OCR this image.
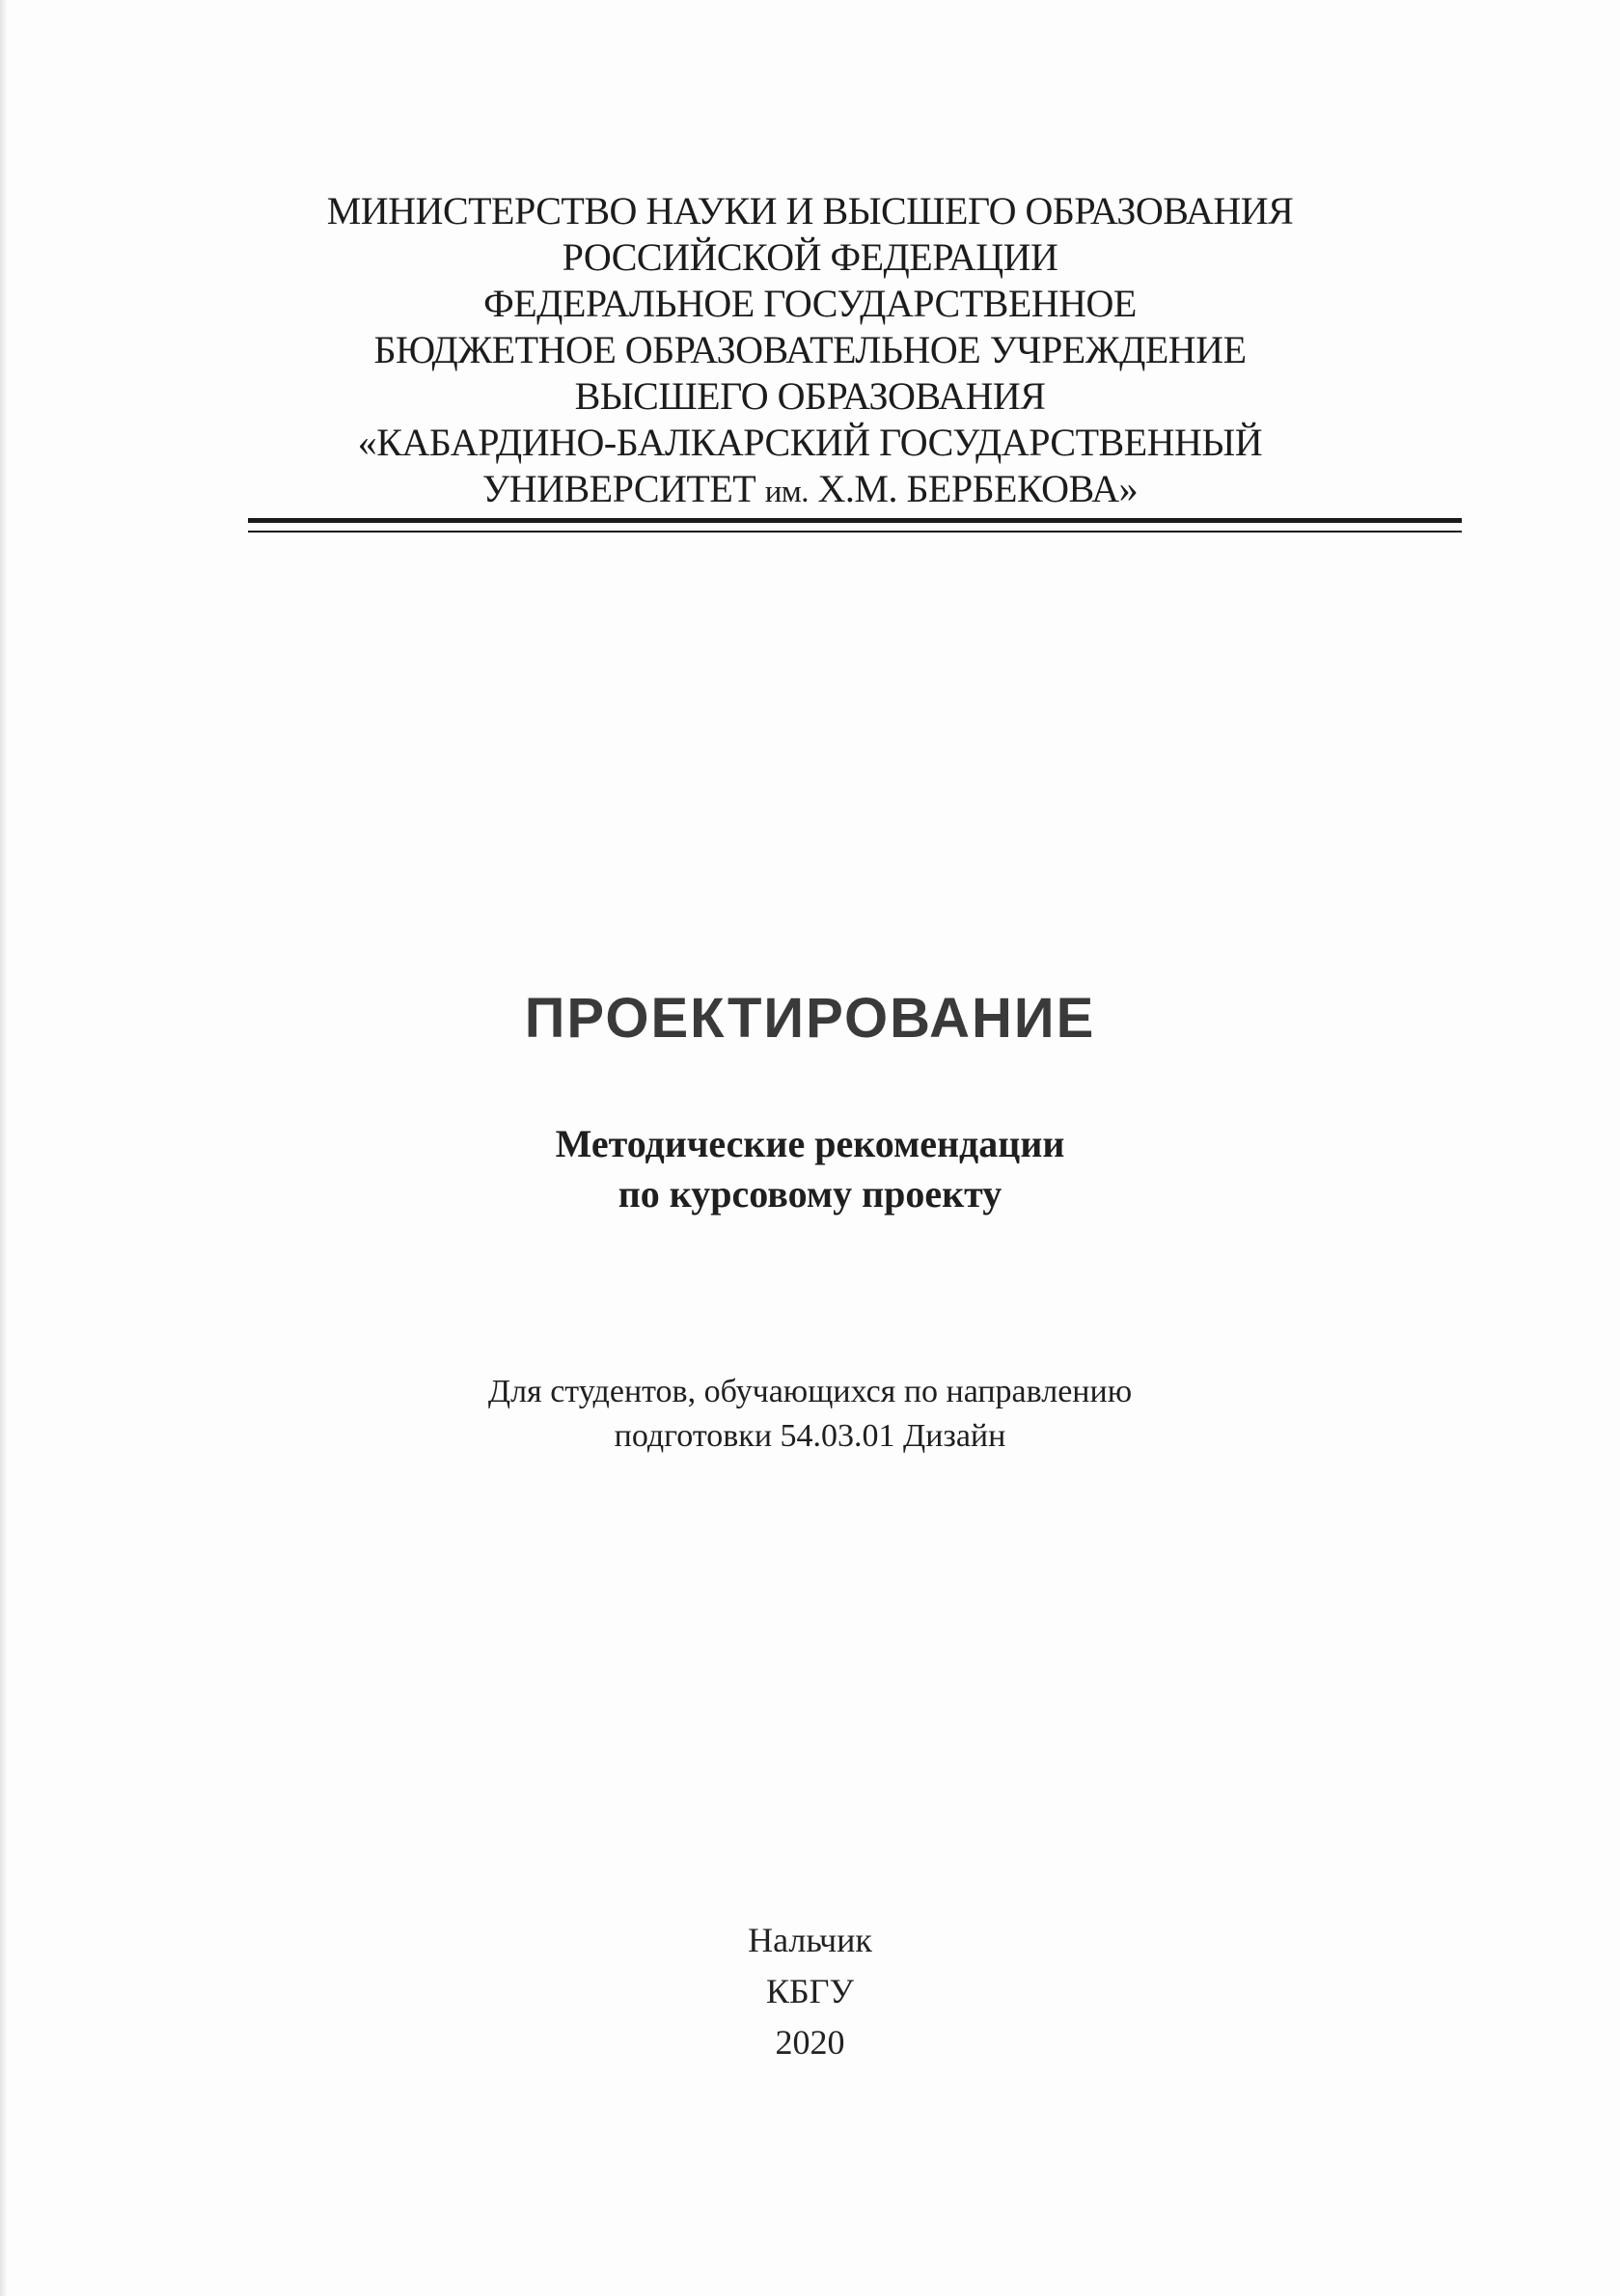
МИНИСТЕРСТВО НАУКИ И ВЫСШЕГО ОБРАЗОВАНИЯ
РОССИЙСКОЙ ФЕДЕРАЦИИ
ФЕДЕРАЛЬНОЕ ГОСУДАРСТВЕННОЕ
БЮДЖЕТНОЕ ОБРАЗОВАТЕЛЬНОЕ УЧРЕЖДЕНИЕ
ВЫСШЕГО ОБРАЗОВАНИЯ
«КАБАРДИНО-БАЛКАРСКИЙ ГОСУДАРСТВЕННЫЙ
УНИВЕРСИТЕТ им. Х.М. БЕРБЕКОВА»
ПРОЕКТИРОВАНИЕ
Методические рекомендации
по курсовому проекту
Для студентов, обучающихся по направлению
подготовки 54.03.01 Дизайн
Нальчик
КБГУ
2020
